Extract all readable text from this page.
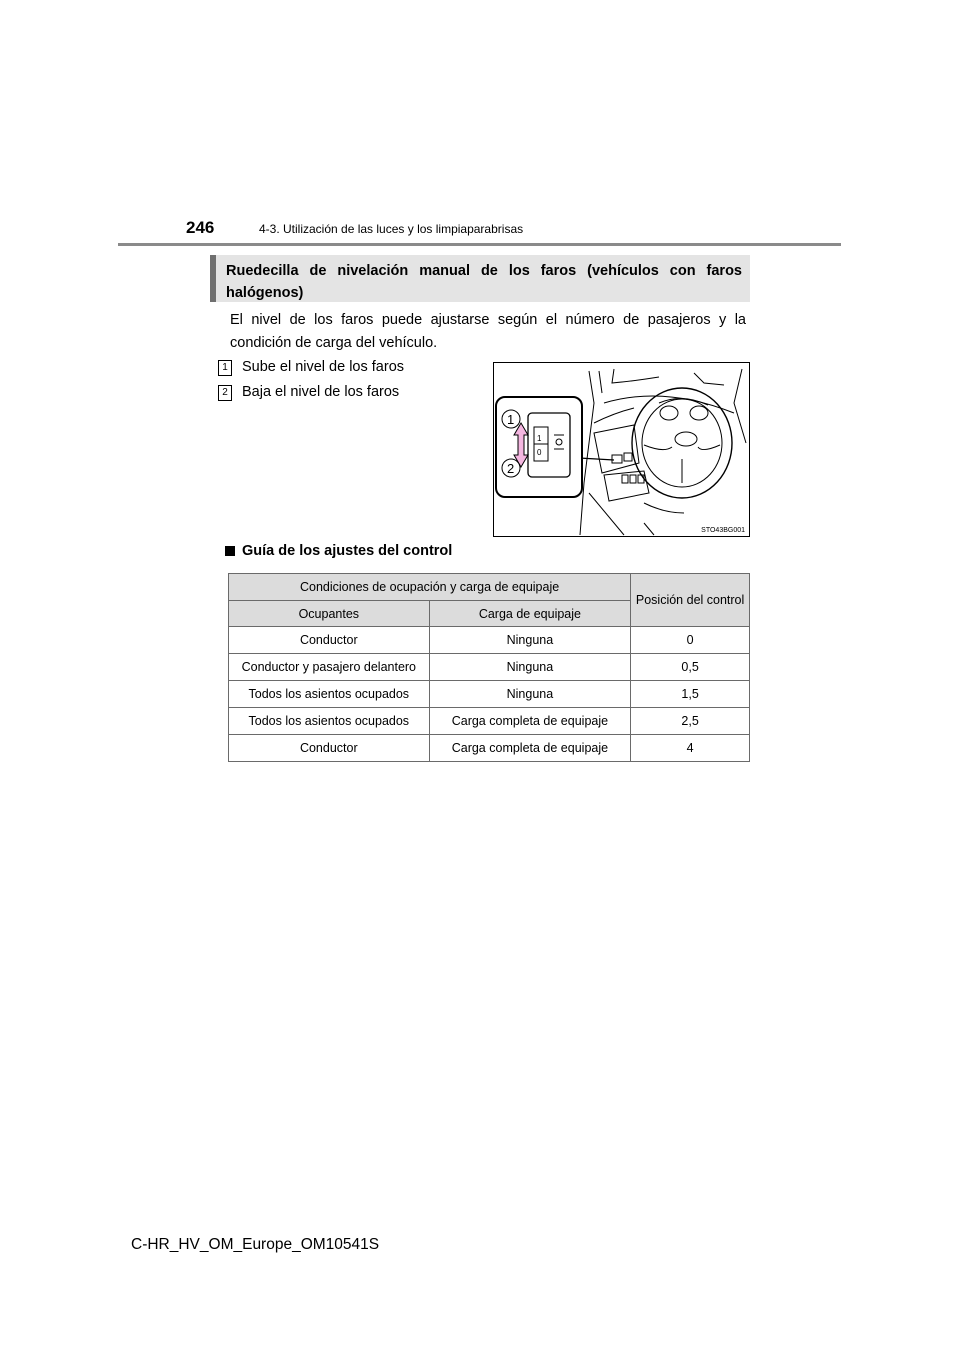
246	4-3. Utilización de las luces y los limpiaparabrisas
Ruedecilla de nivelación manual de los faros (vehículos con faros halógenos)
El nivel de los faros puede ajustarse según el número de pasajeros y la condición de carga del vehículo.
1 Sube el nivel de los faros
2 Baja el nivel de los faros
1
0
1
2
STO43BG001
Guía de los ajustes del control
Condiciones de ocupación y carga de equipaje		Posición del control
Ocupantes	Carga de equipaje	
Conductor	Ninguna	0
Conductor y pasajero delantero	Ninguna	0,5
Todos los asientos ocupados	Ninguna	1,5
Todos los asientos ocupados	Carga completa de equipaje	2,5
Conductor	Carga completa de equipaje	4
C-HR_HV_OM_Europe_OM10541S
